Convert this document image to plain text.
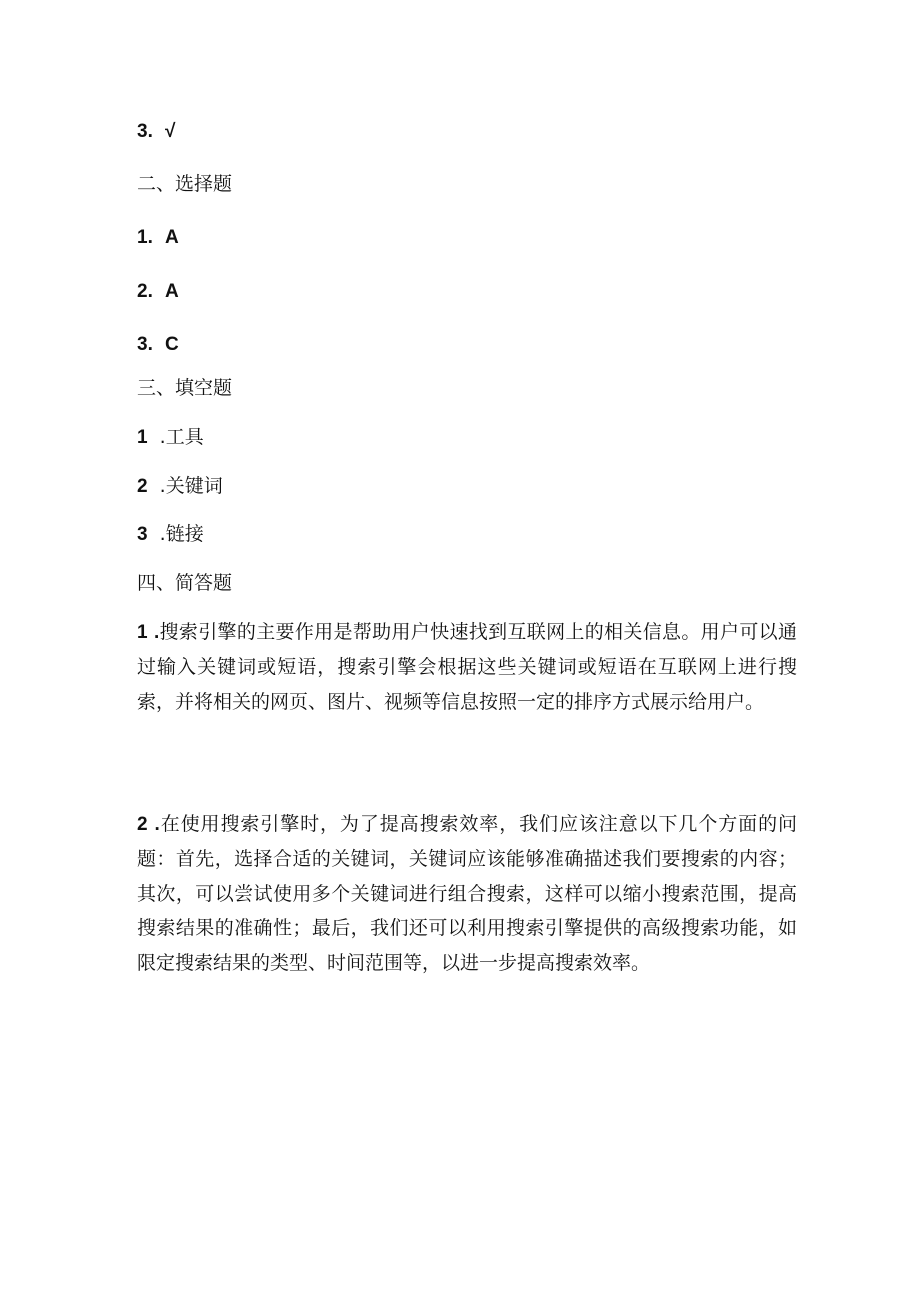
3. √
二、选择题
1. A
2. A
3. C
三、填空题
1 .工具
2 .关键词
3 .链接
四、简答题
1 .搜索引擎的主要作用是帮助用户快速找到互联网上的相关信息。用户可以通过输入关键词或短语，搜索引擎会根据这些关键词或短语在互联网上进行搜索，并将相关的网页、图片、视频等信息按照一定的排序方式展示给用户。
2 .在使用搜索引擎时，为了提高搜索效率，我们应该注意以下几个方面的问题：首先，选择合适的关键词，关键词应该能够准确描述我们要搜索的内容；其次，可以尝试使用多个关键词进行组合搜索，这样可以缩小搜索范围，提高搜索结果的准确性；最后，我们还可以利用搜索引擎提供的高级搜索功能，如限定搜索结果的类型、时间范围等，以进一步提高搜索效率。
